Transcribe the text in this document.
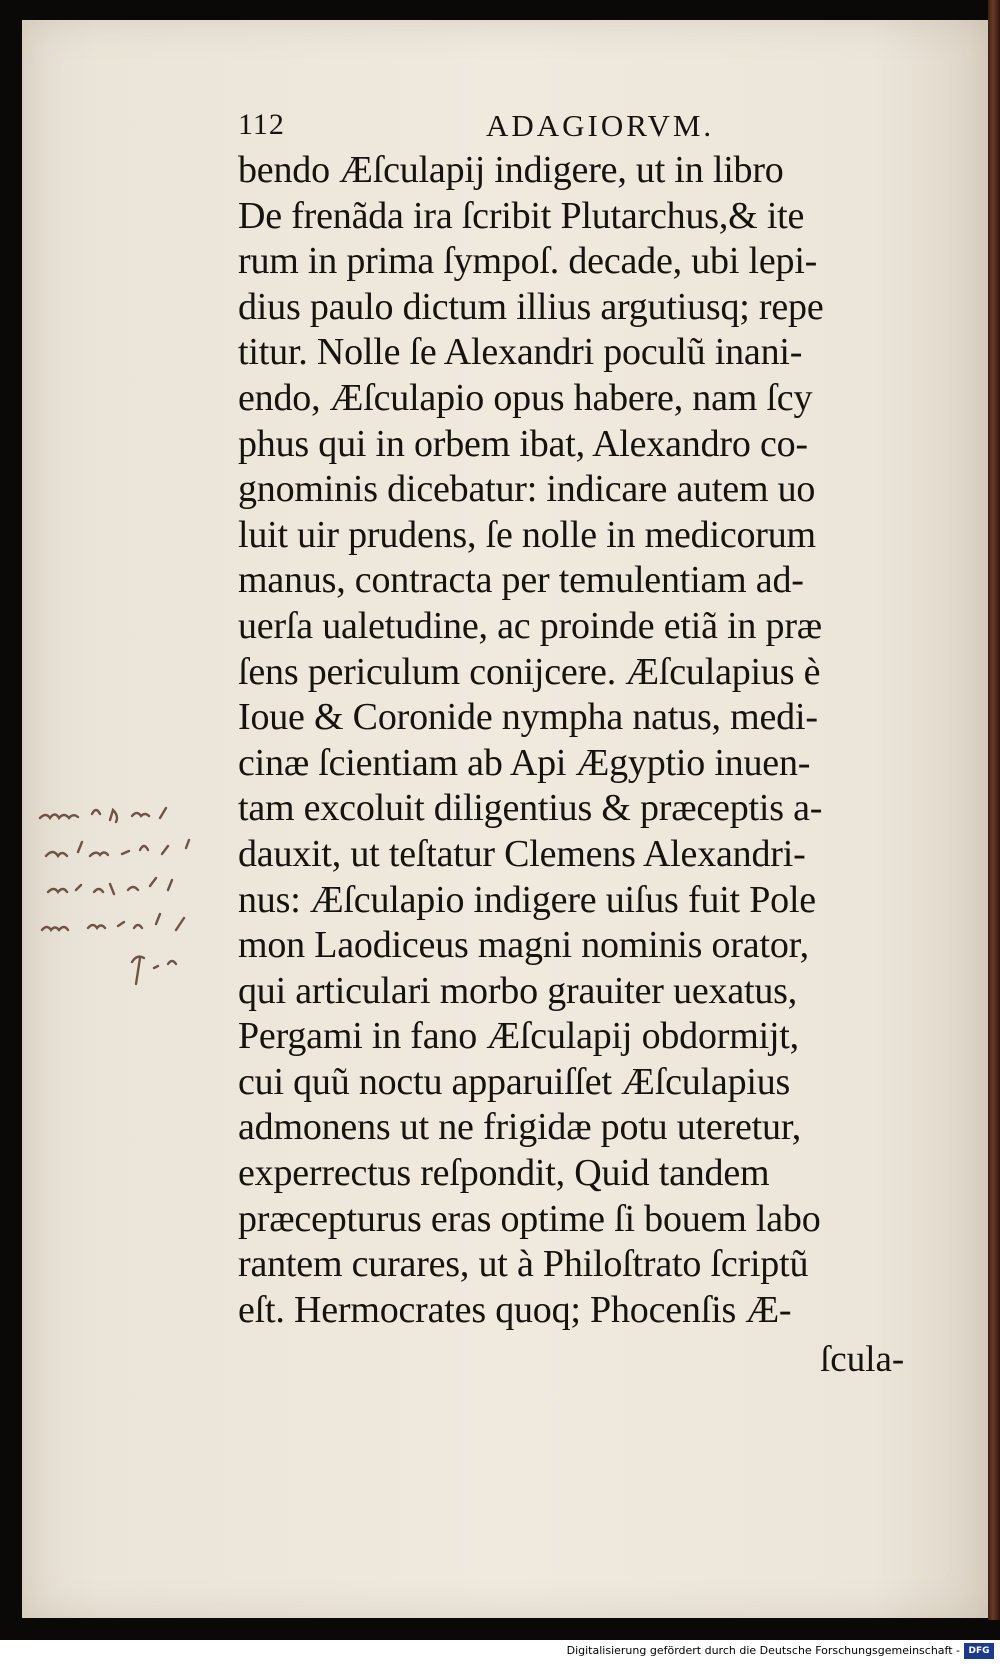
112	ADAGIORVM.
bendo Æſculapij indigere, ut in libro
De frenãda ira ſcribit Plutarchus,& ite
rum in prima ſympoſ. decade, ubi lepi-
dius paulo dictum illius argutiusq; repe
titur. Nolle ſe Alexandri poculũ inani-
endo, Æſculapio opus habere, nam ſcy
phus qui in orbem ibat, Alexandro co-
gnominis dicebatur: indicare autem uo
luit uir prudens, ſe nolle in medicorum
manus, contracta per temulentiam ad-
uerſa ualetudine, ac proinde etiã in præ
ſens periculum conijcere. Æſculapius è
Ioue & Coronide nympha natus, medi-
cinæ ſcientiam ab Api Ægyptio inuen-
tam excoluit diligentius & præceptis a-
dauxit, ut teſtatur Clemens Alexandri-
nus: Æſculapio indigere uiſus fuit Pole
mon Laodiceus magni nominis orator,
qui articulari morbo grauiter uexatus,
Pergami in fano Æſculapij obdormijt,
cui quũ noctu apparuiſſet Æſculapius
admonens ut ne frigidæ potu uteretur,
experrectus reſpondit, Quid tandem
præcepturus eras optime ſi bouem labo
rantem curares, ut à Philoſtrato ſcriptũ
eſt. Hermocrates quoq; Phocenſis Æ-
ſcula-
Digitalisierung gefördert durch die Deutsche Forschungsgemeinschaft - DFG
